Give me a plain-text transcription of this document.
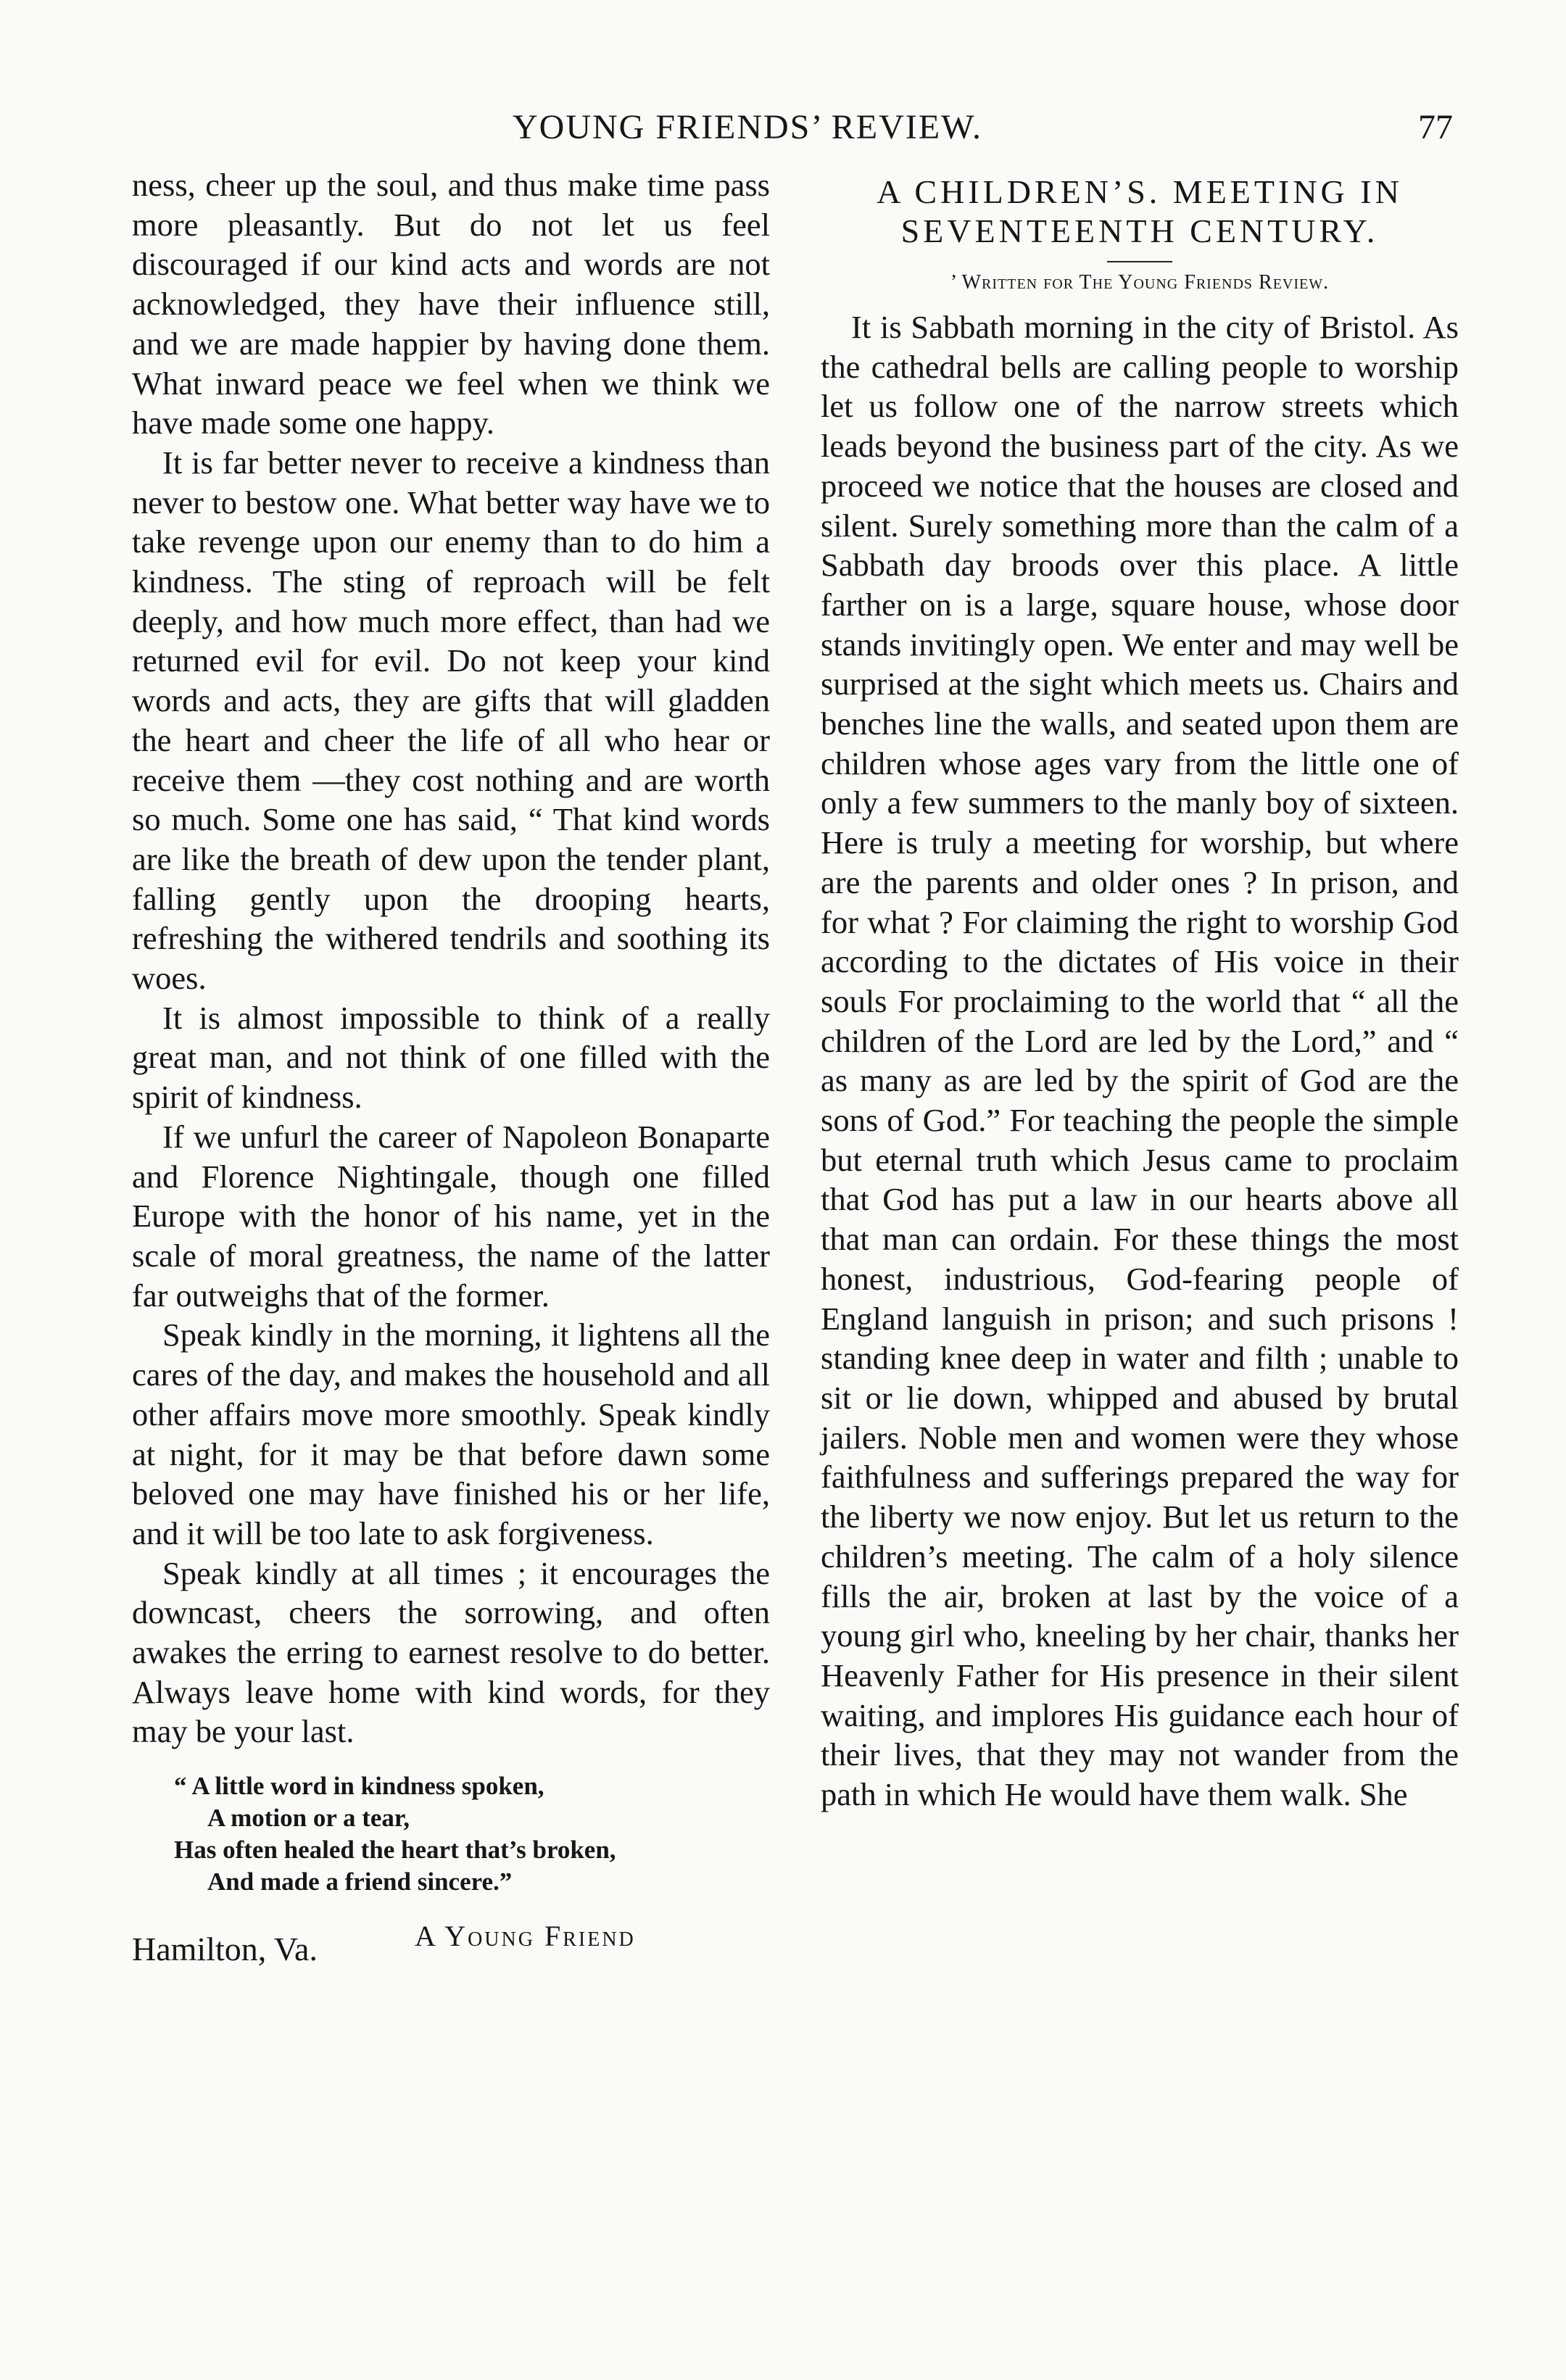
YOUNG FRIENDS’ REVIEW.	77

ness, cheer up the soul, and thus make time pass more pleasantly. But do not let us feel discouraged if our kind acts and words are not acknowledged, they have their influence still, and we are made happier by having done them. What inward peace we feel when we think we have made some one happy.

It is far better never to receive a kindness than never to bestow one. What better way have we to take revenge upon our enemy than to do him a kindness. The sting of reproach will be felt deeply, and how much more effect, than had we returned evil for evil. Do not keep your kind words and acts, they are gifts that will gladden the heart and cheer the life of all who hear or receive them —they cost nothing and are worth so much. Some one has said, “ That kind words are like the breath of dew upon the tender plant, falling gently upon the drooping hearts, refreshing the withered tendrils and soothing its woes.

It is almost impossible to think of a really great man, and not think of one filled with the spirit of kindness.

If we unfurl the career of Napoleon Bonaparte and Florence Nightingale, though one filled Europe with the honor of his name, yet in the scale of moral greatness, the name of the latter far outweighs that of the former.

Speak kindly in the morning, it lightens all the cares of the day, and makes the household and all other affairs move more smoothly. Speak kindly at night, for it may be that before dawn some beloved one may have finished his or her life, and it will be too late to ask forgiveness.

Speak kindly at all times ; it encourages the downcast, cheers the sorrowing, and often awakes the erring to earnest resolve to do better. Always leave home with kind words, for they may be your last.

“ A little word in kindness spoken,
A motion or a tear,
Has often healed the heart that’s broken,
And made a friend sincere.”
Hamilton, Va.	A Young Friend
A CHILDREN’S. MEETING IN
SEVENTEENTH CENTURY.
’ Written for The Young Friends Review.

It is Sabbath morning in the city of Bristol. As the cathedral bells are calling people to worship let us follow one of the narrow streets which leads beyond the business part of the city. As we proceed we notice that the houses are closed and silent. Surely something more than the calm of a Sabbath day broods over this place. A little farther on is a large, square house, whose door stands invitingly open. We enter and may well be surprised at the sight which meets us. Chairs and benches line the walls, and seated upon them are children whose ages vary from the little one of only a few summers to the manly boy of sixteen. Here is truly a meeting for worship, but where are the parents and older ones ? In prison, and for what ? For claiming the right to worship God according to the dictates of His voice in their souls For proclaiming to the world that “ all the children of the Lord are led by the Lord,” and “ as many as are led by the spirit of God are the sons of God.” For teaching the people the simple but eternal truth which Jesus came to proclaim that God has put a law in our hearts above all that man can ordain. For these things the most honest, industrious, God-fearing people of England languish in prison; and such prisons ! standing knee deep in water and filth ; unable to sit or lie down, whipped and abused by brutal jailers. Noble men and women were they whose faithfulness and sufferings prepared the way for the liberty we now enjoy. But let us return to the children’s meeting. The calm of a holy silence fills the air, broken at last by the voice of a young girl who, kneeling by her chair, thanks her Heavenly Father for His presence in their silent waiting, and implores His guidance each hour of their lives, that they may not wander from the path in which He would have them walk. She
